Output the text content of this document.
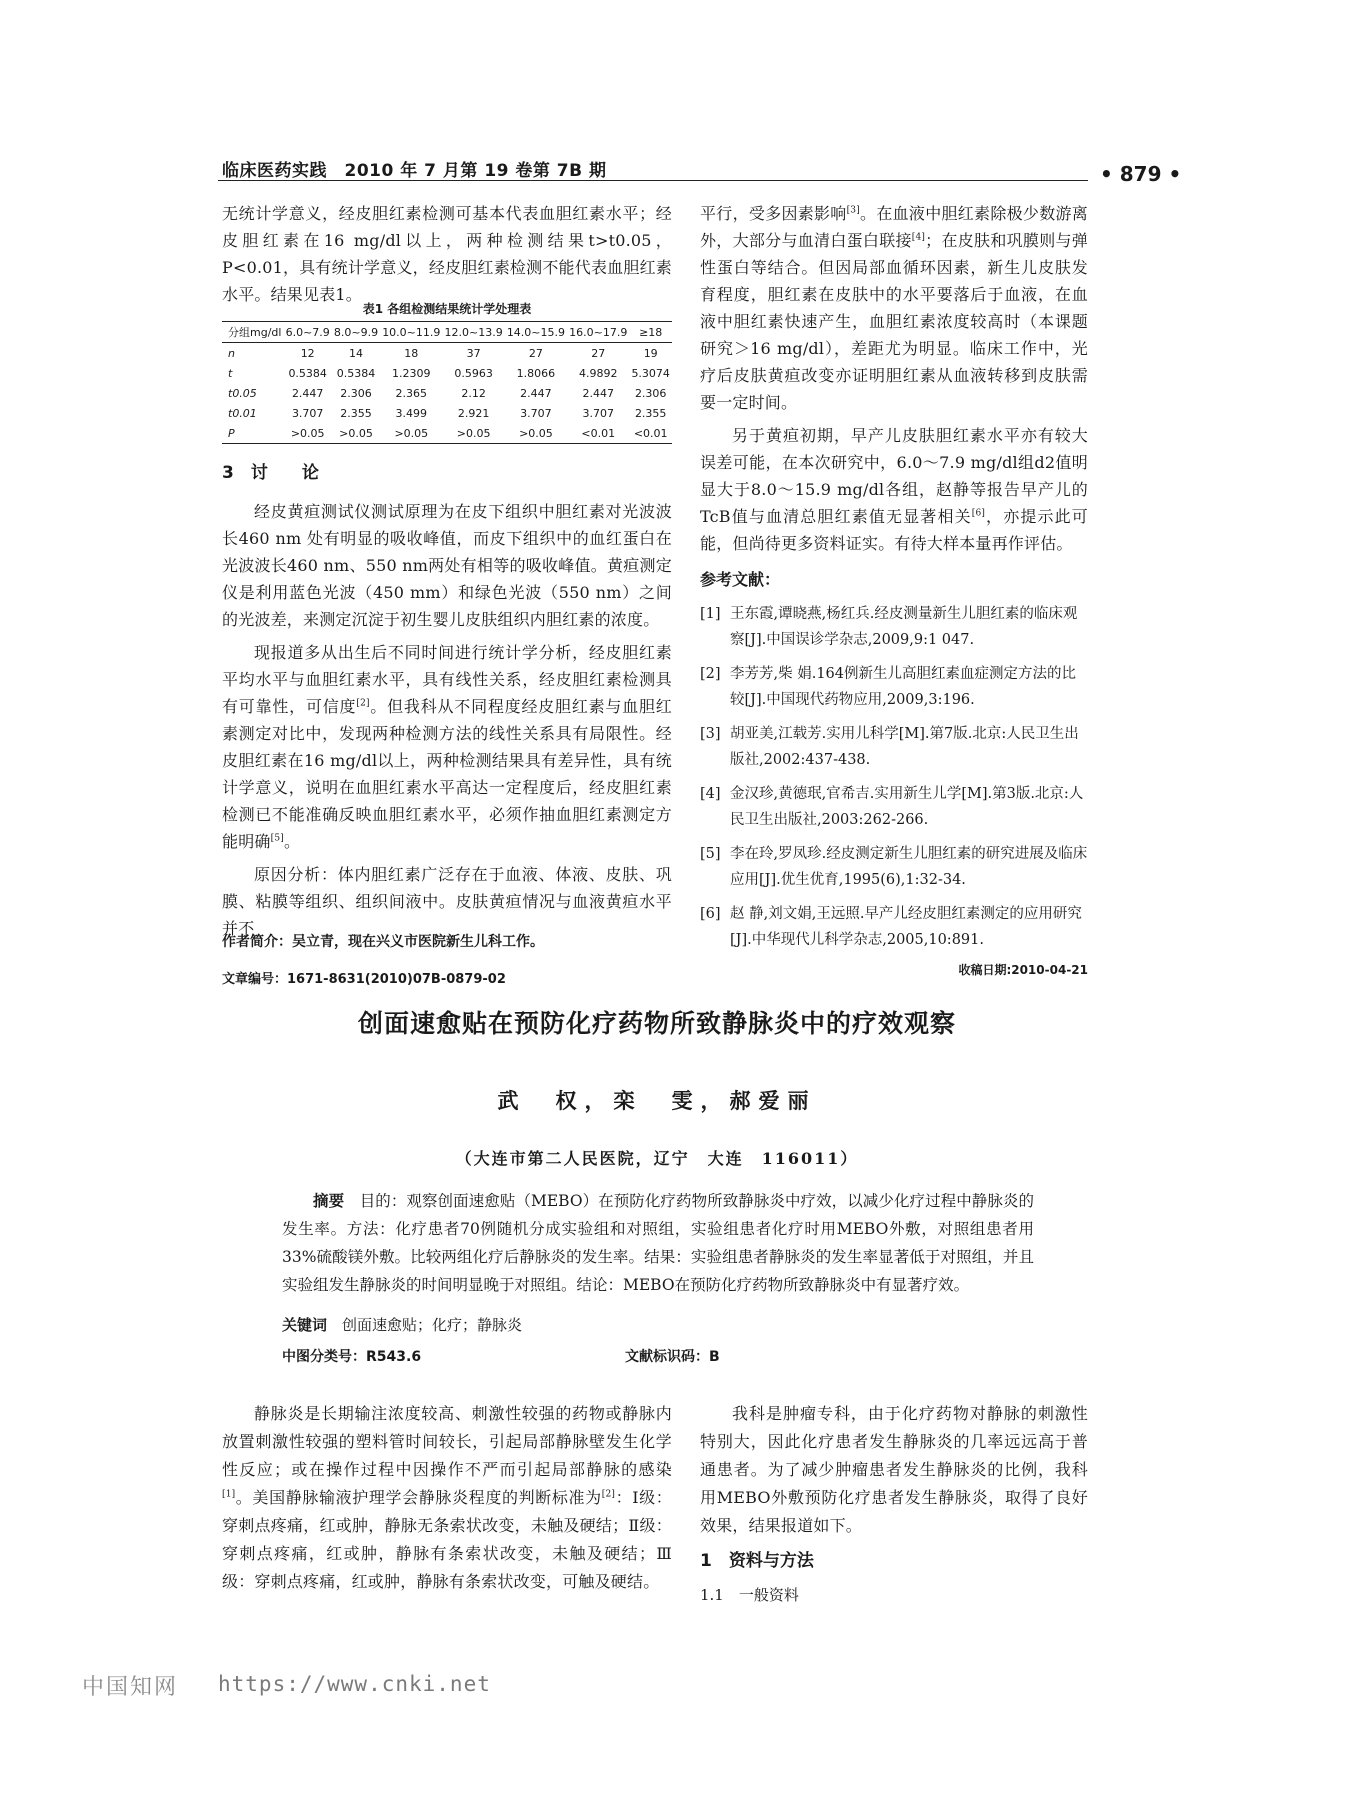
临床医药实践　2010 年 7 月第 19 卷第 7B 期	• 879 •

无统计学意义，经皮胆红素检测可基本代表血胆红素水平；经皮胆红素在16 mg/dl以上，两种检测结果t>t0.05，P<0.01，具有统计学意义，经皮胆红素检测不能代表血胆红素水平。结果见表1。

表1 各组检测结果统计学处理表
分组mg/dl	6.0~7.9	8.0~9.9	10.0~11.9	12.0~13.9	14.0~15.9	16.0~17.9	≥18
n	12	14	18	37	27	27	19
t	0.5384	0.5384	1.2309	0.5963	1.8066	4.9892	5.3074
t0.05	2.447	2.306	2.365	2.12	2.447	2.447	2.306
t0.01	3.707	2.355	3.499	2.921	3.707	3.707	2.355
P	>0.05	>0.05	>0.05	>0.05	>0.05	<0.01	<0.01

3　讨　　论

经皮黄疸测试仪测试原理为在皮下组织中胆红素对光波波长460 nm 处有明显的吸收峰值，而皮下组织中的血红蛋白在光波波长460 nm、550 nm两处有相等的吸收峰值。黄疸测定仪是利用蓝色光波（450 mm）和绿色光波（550 nm）之间的光波差，来测定沉淀于初生婴儿皮肤组织内胆红素的浓度。

现报道多从出生后不同时间进行统计学分析，经皮胆红素平均水平与血胆红素水平，具有线性关系，经皮胆红素检测具有可靠性，可信度[2]。但我科从不同程度经皮胆红素与血胆红素测定对比中，发现两种检测方法的线性关系具有局限性。经皮胆红素在16 mg/dl以上，两种检测结果具有差异性，具有统计学意义，说明在血胆红素水平高达一定程度后，经皮胆红素检测已不能准确反映血胆红素水平，必须作抽血胆红素测定方能明确[5]。

原因分析：体内胆红素广泛存在于血液、体液、皮肤、巩膜、粘膜等组织、组织间液中。皮肤黄疸情况与血液黄疸水平并不

平行，受多因素影响[3]。在血液中胆红素除极少数游离外，大部分与血清白蛋白联接[4]；在皮肤和巩膜则与弹性蛋白等结合。但因局部血循环因素，新生儿皮肤发育程度，胆红素在皮肤中的水平要落后于血液，在血液中胆红素快速产生，血胆红素浓度较高时（本课题研究＞16 mg/dl），差距尤为明显。临床工作中，光疗后皮肤黄疸改变亦证明胆红素从血液转移到皮肤需要一定时间。

另于黄疸初期，早产儿皮肤胆红素水平亦有较大误差可能，在本次研究中，6.0～7.9 mg/dl组d2值明显大于8.0～15.9 mg/dl各组，赵静等报告早产儿的TcB值与血清总胆红素值无显著相关[6]，亦提示此可能，但尚待更多资料证实。有待大样本量再作评估。

参考文献：

[1] 王东霞,谭晓燕,杨红兵.经皮测量新生儿胆红素的临床观察[J].中国误诊学杂志,2009,9:1 047.
[2] 李芳芳,柴 娟.164例新生儿高胆红素血症测定方法的比较[J].中国现代药物应用,2009,3:196.
[3] 胡亚美,江载芳.实用儿科学[M].第7版.北京:人民卫生出版社,2002:437-438.
[4] 金汉珍,黄德珉,官希吉.实用新生儿学[M].第3版.北京:人民卫生出版社,2003:262-266.
[5] 李在玲,罗凤珍.经皮测定新生儿胆红素的研究进展及临床应用[J].优生优育,1995(6),1:32-34.
[6] 赵 静,刘文娟,王远照.早产儿经皮胆红素测定的应用研究[J].中华现代儿科学杂志,2005,10:891.
收稿日期:2010-04-21
作者简介：吴立青，现在兴义市医院新生儿科工作。
文章编号：1671-8631(2010)07B-0879-02
创面速愈贴在预防化疗药物所致静脉炎中的疗效观察
武　权，栾　雯，郝爱丽
（大连市第二人民医院，辽宁　大连　116011）

摘要　 目的：观察创面速愈贴（MEBO）在预防化疗药物所致静脉炎中疗效，以减少化疗过程中静脉炎的发生率。方法：化疗患者70例随机分成实验组和对照组，实验组患者化疗时用MEBO外敷，对照组患者用33%硫酸镁外敷。比较两组化疗后静脉炎的发生率。结果：实验组患者静脉炎的发生率显著低于对照组，并且实验组发生静脉炎的时间明显晚于对照组。结论：MEBO在预防化疗药物所致静脉炎中有显著疗效。

关键词　 创面速愈贴；化疗；静脉炎
中图分类号：R543.6	文献标识码：B

静脉炎是长期输注浓度较高、刺激性较强的药物或静脉内放置刺激性较强的塑料管时间较长，引起局部静脉壁发生化学性反应；或在操作过程中因操作不严而引起局部静脉的感染[1]。美国静脉输液护理学会静脉炎程度的判断标准为[2]：Ⅰ级：穿刺点疼痛，红或肿，静脉无条索状改变，未触及硬结；Ⅱ级：穿刺点疼痛，红或肿，静脉有条索状改变，未触及硬结；Ⅲ级：穿刺点疼痛，红或肿，静脉有条索状改变，可触及硬结。

我科是肿瘤专科，由于化疗药物对静脉的刺激性特别大，因此化疗患者发生静脉炎的几率远远高于普通患者。为了减少肿瘤患者发生静脉炎的比例，我科用MEBO外敷预防化疗患者发生静脉炎，取得了良好效果，结果报道如下。

1　资料与方法

1.1　一般资料

中国知网 https://www.cnki.net
